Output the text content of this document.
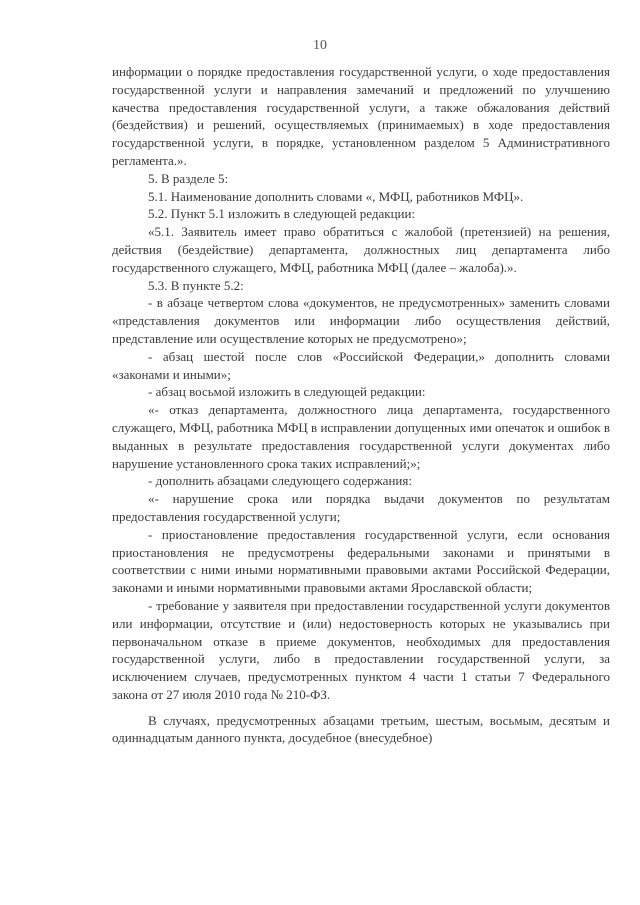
10

информации о порядке предоставления государственной услуги, о ходе предоставления государственной услуги и направления замечаний и предложений по улучшению качества предоставления государственной услуги, а также обжалования действий (бездействия) и решений, осуществляемых (принимаемых) в ходе предоставления государственной услуги, в порядке, установленном разделом 5 Административного регламента.».

5. В разделе 5:

5.1. Наименование дополнить словами «, МФЦ, работников МФЦ».

5.2. Пункт 5.1 изложить в следующей редакции:

«5.1. Заявитель имеет право обратиться с жалобой (претензией) на решения, действия (бездействие) департамента, должностных лиц департамента либо государственного служащего, МФЦ, работника МФЦ (далее – жалоба).».

5.3. В пункте 5.2:

- в абзаце четвертом слова «документов, не предусмотренных» заменить словами «представления документов или информации либо осуществления действий, представление или осуществление которых не предусмотрено»;

- абзац шестой после слов «Российской Федерации,» дополнить словами «законами и иными»;

- абзац восьмой изложить в следующей редакции:

«- отказ департамента, должностного лица департамента, государственного служащего, МФЦ, работника МФЦ в исправлении допущенных ими опечаток и ошибок в выданных в результате предоставления государственной услуги документах либо нарушение установленного срока таких исправлений;»;

- дополнить абзацами следующего содержания:

«- нарушение срока или порядка выдачи документов по результатам предоставления государственной услуги;

- приостановление предоставления государственной услуги, если основания приостановления не предусмотрены федеральными законами и принятыми в соответствии с ними иными нормативными правовыми актами Российской Федерации, законами и иными нормативными правовыми актами Ярославской области;

- требование у заявителя при предоставлении государственной услуги документов или информации, отсутствие и (или) недостоверность которых не указывались при первоначальном отказе в приеме документов, необходимых для предоставления государственной услуги, либо в предоставлении государственной услуги, за исключением случаев, предусмотренных пунктом 4 части 1 статьи 7 Федерального закона от 27 июля 2010 года № 210-ФЗ.

В случаях, предусмотренных абзацами третьим, шестым, восьмым, десятым и одиннадцатым данного пункта, досудебное (внесудебное)
